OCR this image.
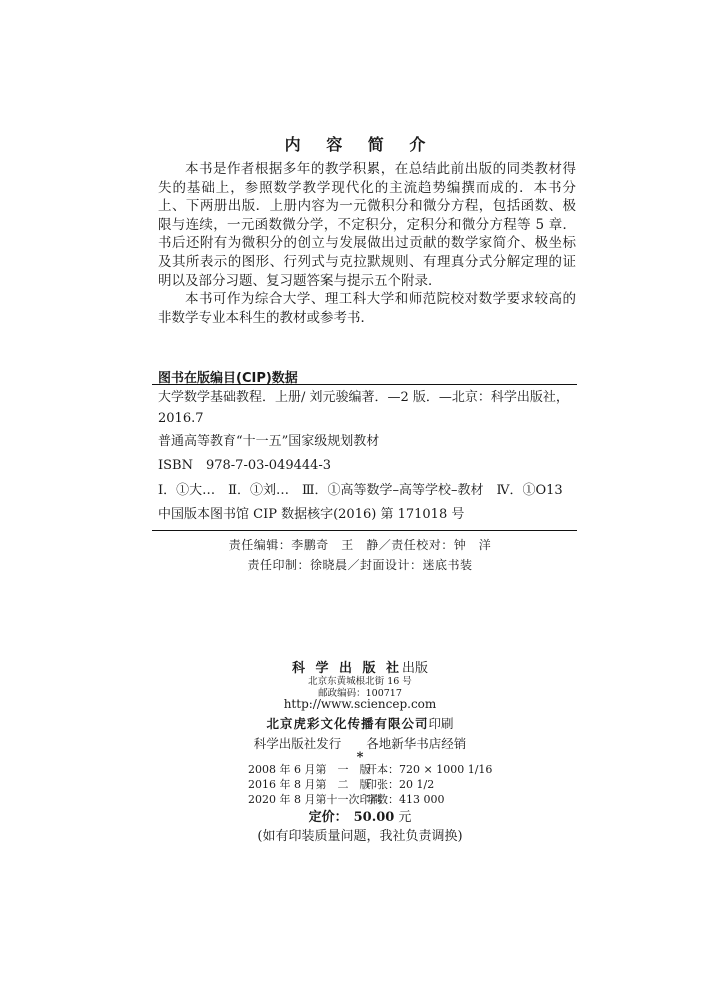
内 容 简 介

本书是作者根据多年的教学积累，在总结此前出版的同类教材得失的基础上，参照数学教学现代化的主流趋势编撰而成的．本书分上、下两册出版．上册内容为一元微积分和微分方程，包括函数、极限与连续，一元函数微分学，不定积分，定积分和微分方程等 5 章．书后还附有为微积分的创立与发展做出过贡献的数学家简介、极坐标及其所表示的图形、行列式与克拉默规则、有理真分式分解定理的证明以及部分习题、复习题答案与提示五个附录．

本书可作为综合大学、理工科大学和师范院校对数学要求较高的非数学专业本科生的教材或参考书．

图书在版编目(CIP)数据
大学数学基础教程．上册/ 刘元骏编著．—2 版．—北京：科学出版社，
2016.7
普通高等教育“十一五”国家级规划教材
ISBN　978-7-03-049444-3
Ⅰ．①大…　Ⅱ．①刘…　Ⅲ．①高等数学–高等学校–教材　Ⅳ．①O13
中国版本图书馆 CIP 数据核字(2016) 第 171018 号
责任编辑：李鹏奇　王　静／责任校对：钟　洋
责任印制：徐晓晨／封面设计：迷底书装
科 学 出 版 社出版
北京东黄城根北街 16 号
邮政编码：100717
http://www.sciencep.com
北京虎彩文化传播有限公司印刷
科学出版社发行　　各地新华书店经销
*
2008 年 6 月第　一　版开本：720 × 1000 1/16
2016 年 8 月第　二　版印张：20 1/2
2020 年 8 月第十一次印刷字数：413 000
定价： 50.00 元
(如有印装质量问题，我社负责调换)
